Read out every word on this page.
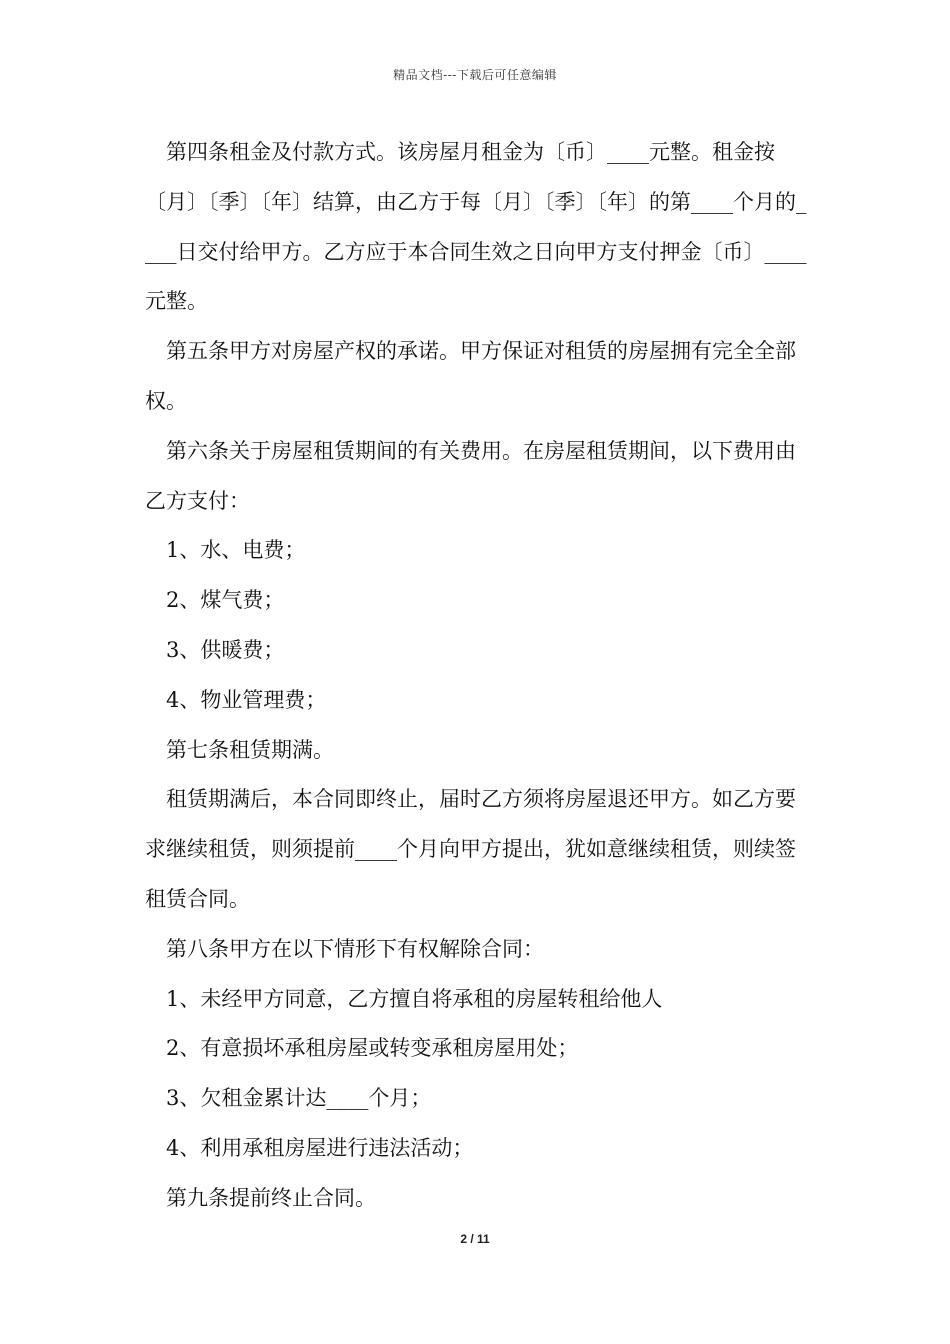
精品文档---下载后可任意编辑

第四条租金及付款方式。该房屋月租金为〔币〕____元整。租金按〔月〕〔季〕〔年〕结算，由乙方于每〔月〕〔季〕〔年〕的第____个月的____日交付给甲方。乙方应于本合同生效之日向甲方支付押金〔币〕____元整。

第五条甲方对房屋产权的承诺。甲方保证对租赁的房屋拥有完全全部权。

第六条关于房屋租赁期间的有关费用。在房屋租赁期间，以下费用由乙方支付：

1、水、电费；

2、煤气费；

3、供暖费；

4、物业管理费；

第七条租赁期满。

租赁期满后，本合同即终止，届时乙方须将房屋退还甲方。如乙方要求继续租赁，则须提前____个月向甲方提出，犹如意继续租赁，则续签租赁合同。

第八条甲方在以下情形下有权解除合同：

1、未经甲方同意，乙方擅自将承租的房屋转租给他人

2、有意损坏承租房屋或转变承租房屋用处；

3、欠租金累计达____个月；

4、利用承租房屋进行违法活动；

第九条提前终止合同。

2 / 11
